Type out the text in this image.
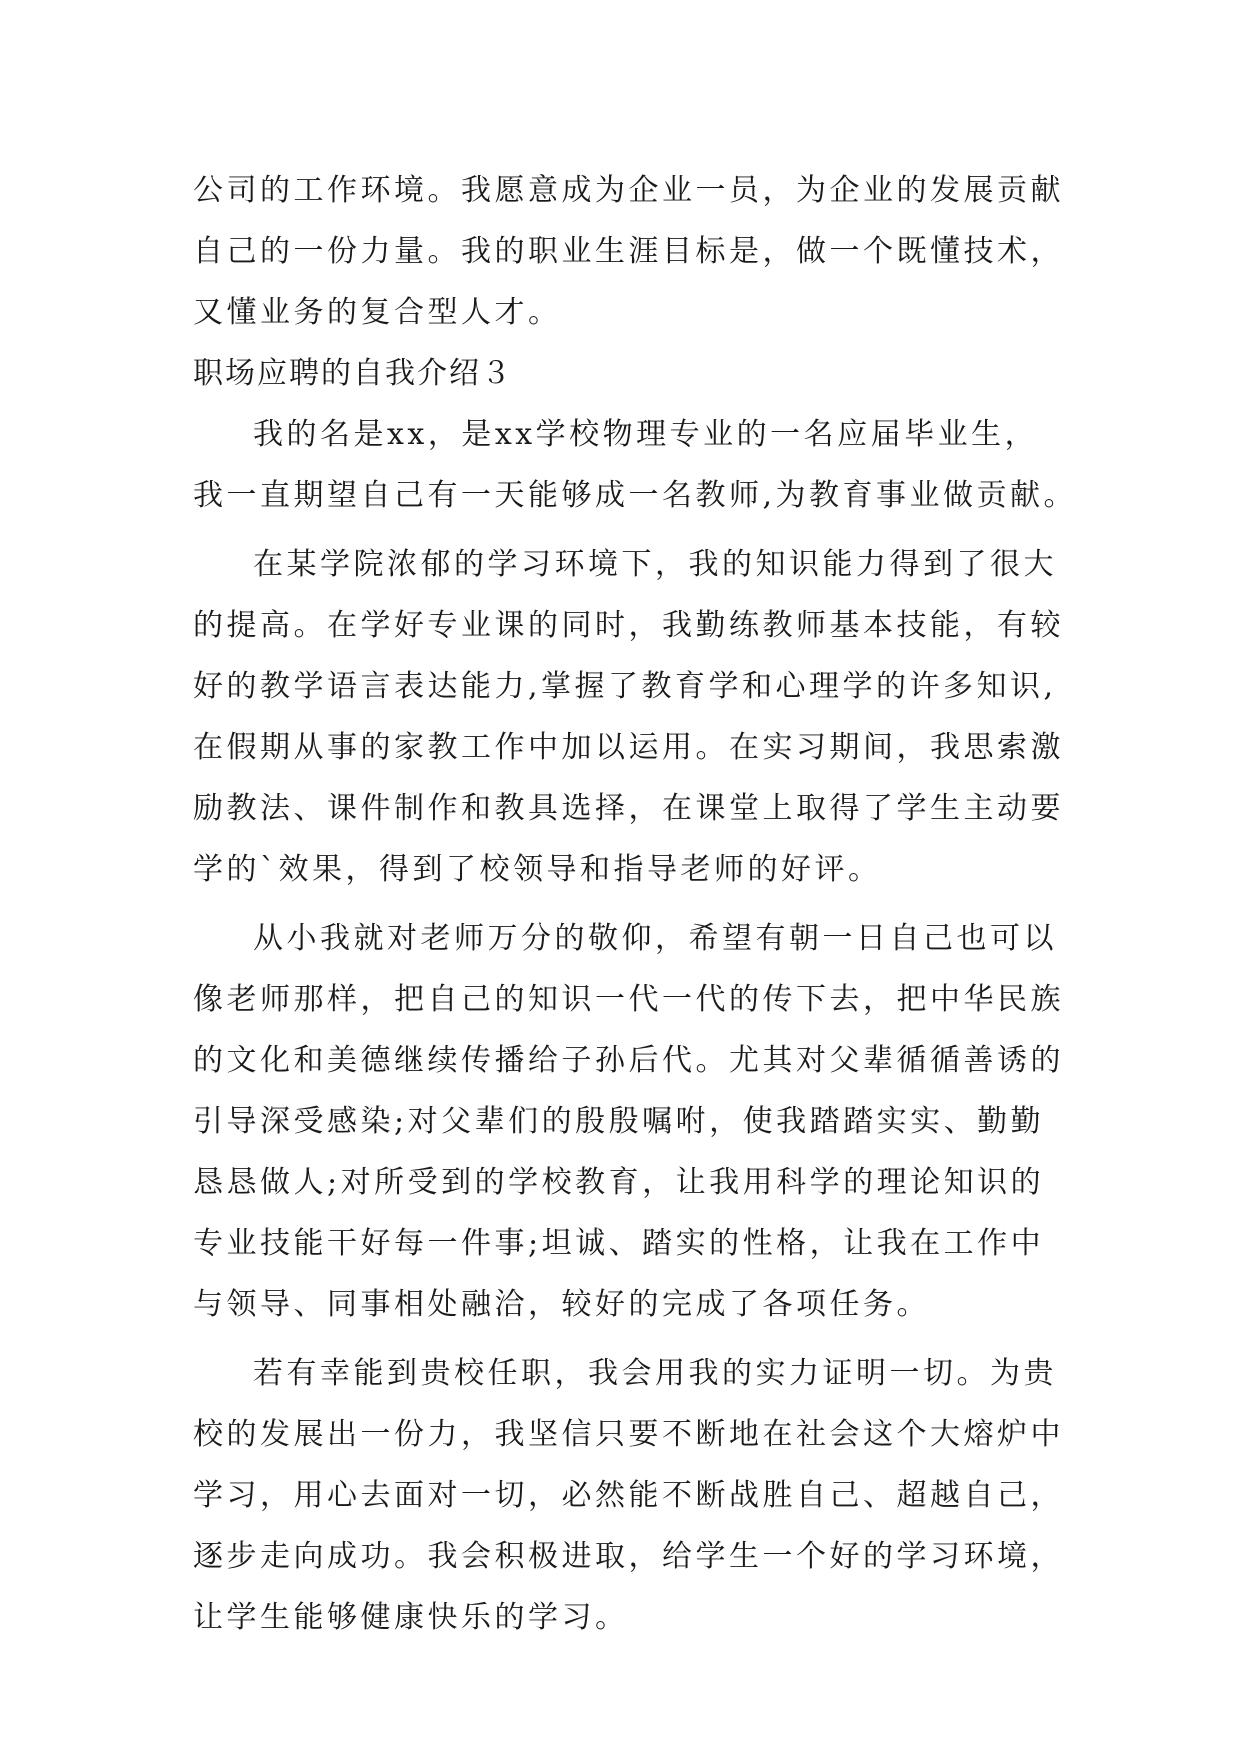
公司的工作环境。我愿意成为企业一员，为企业的发展贡献
自己的一份力量。我的职业生涯目标是，做一个既懂技术，
又懂业务的复合型人才。
职场应聘的自我介绍３
我的名是xx，是xx学校物理专业的一名应届毕业生，
我一直期望自己有一天能够成一名教师,为教育事业做贡献。
在某学院浓郁的学习环境下，我的知识能力得到了很大
的提高。在学好专业课的同时，我勤练教师基本技能，有较
好的教学语言表达能力,掌握了教育学和心理学的许多知识,
在假期从事的家教工作中加以运用。在实习期间，我思索激
励教法、课件制作和教具选择，在课堂上取得了学生主动要
学的`效果，得到了校领导和指导老师的好评。
从小我就对老师万分的敬仰，希望有朝一日自己也可以
像老师那样，把自己的知识一代一代的传下去，把中华民族
的文化和美德继续传播给子孙后代。尤其对父辈循循善诱的
引导深受感染;对父辈们的殷殷嘱咐，使我踏踏实实、勤勤
恳恳做人;对所受到的学校教育，让我用科学的理论知识的
专业技能干好每一件事;坦诚、踏实的性格，让我在工作中
与领导、同事相处融洽，较好的完成了各项任务。
若有幸能到贵校任职，我会用我的实力证明一切。为贵
校的发展出一份力，我坚信只要不断地在社会这个大熔炉中
学习，用心去面对一切，必然能不断战胜自己、超越自己，
逐步走向成功。我会积极进取，给学生一个好的学习环境，
让学生能够健康快乐的学习。
